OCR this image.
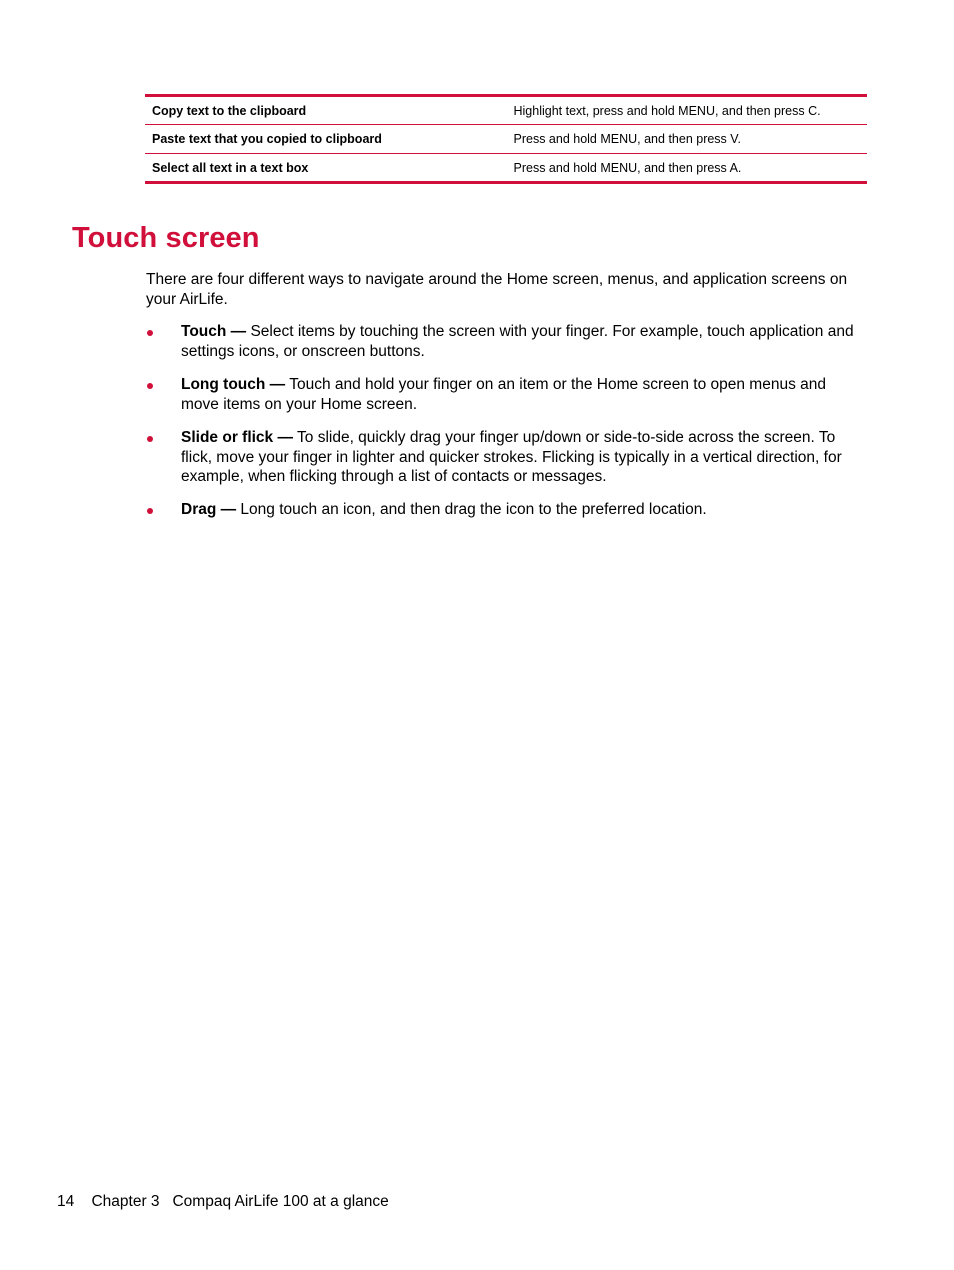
Copy text to the clipboard	Highlight text, press and hold MENU, and then press C.
Paste text that you copied to clipboard	Press and hold MENU, and then press V.
Select all text in a text box	Press and hold MENU, and then press A.
Touch screen

There are four different ways to navigate around the Home screen, menus, and application screens on your AirLife.

Touch — Select items by touching the screen with your finger. For example, touch application and settings icons, or onscreen buttons.
Long touch — Touch and hold your finger on an item or the Home screen to open menus and move items on your Home screen.
Slide or flick — To slide, quickly drag your finger up/down or side-to-side across the screen. To flick, move your finger in lighter and quicker strokes. Flicking is typically in a vertical direction, for example, when flicking through a list of contacts or messages.
Drag — Long touch an icon, and then drag the icon to the preferred location.
14 Chapter 3 Compaq AirLife 100 at a glance
